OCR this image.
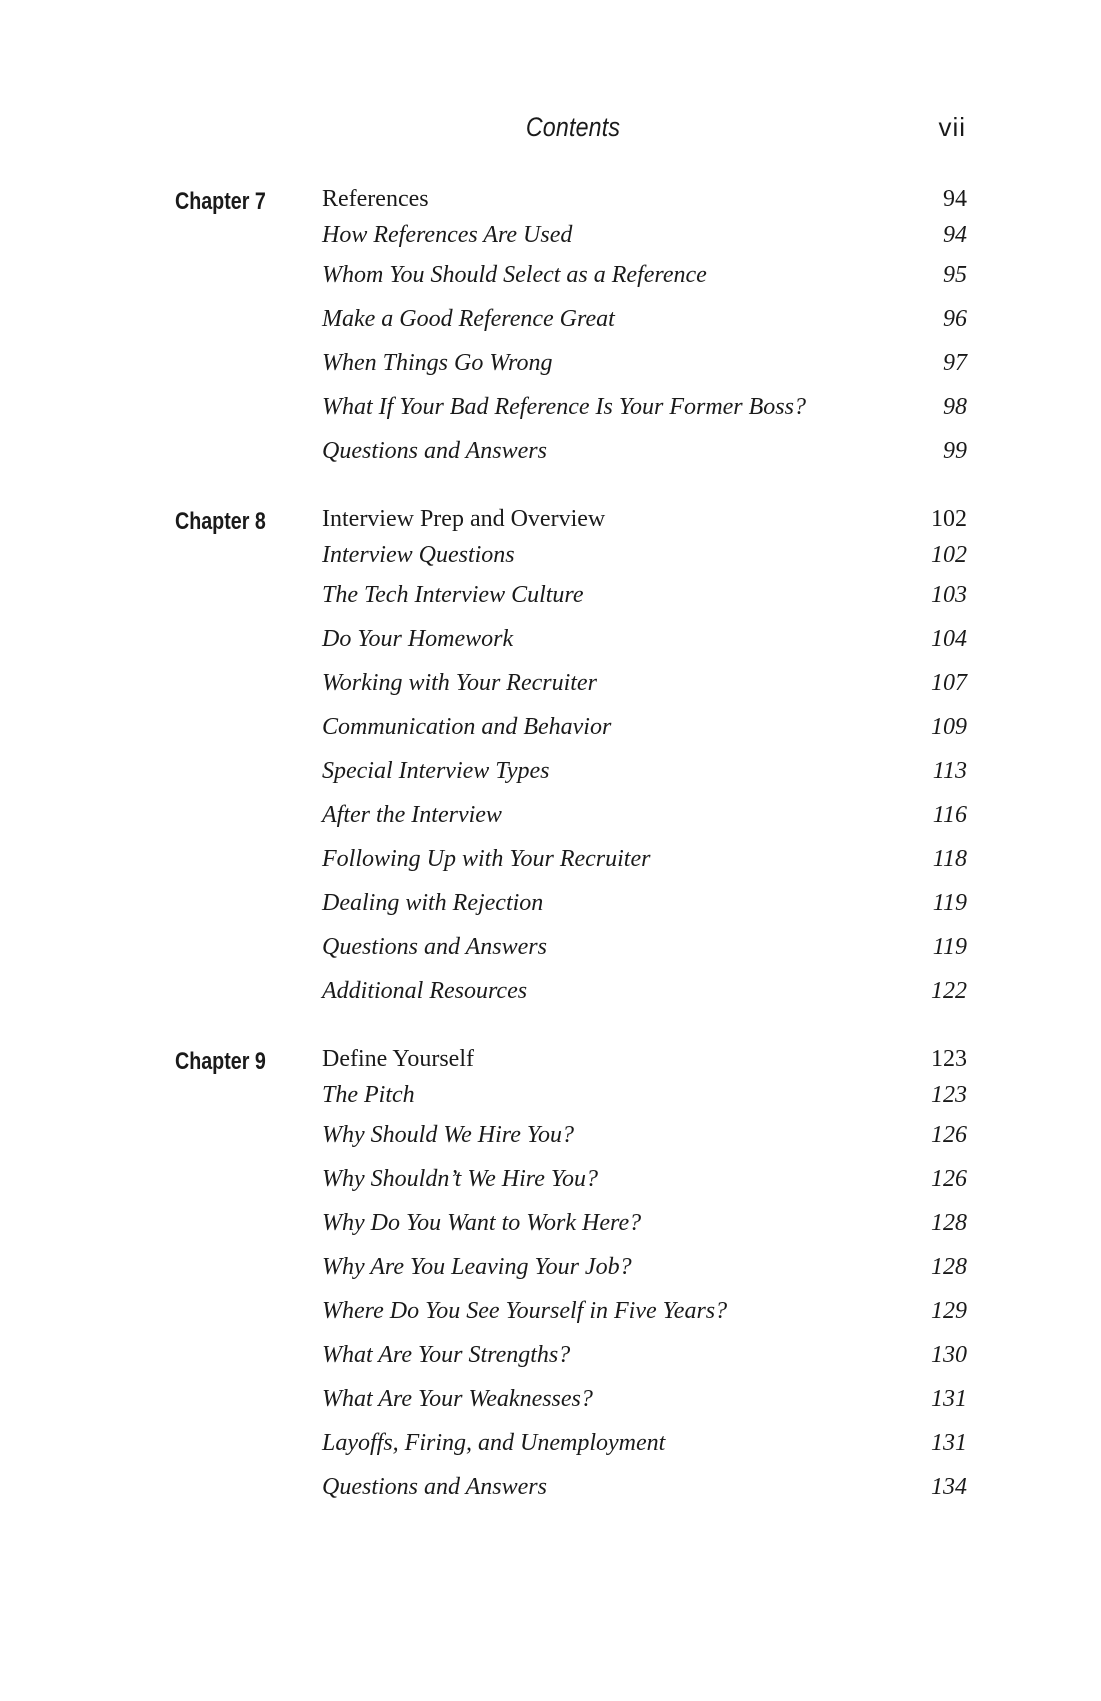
Contents	vii
Chapter 7 References	94
How References Are Used	94
Whom You Should Select as a Reference	95
Make a Good Reference Great	96
When Things Go Wrong	97
What If Your Bad Reference Is Your Former Boss?	98
Questions and Answers	99
Chapter 8 Interview Prep and Overview	102
Interview Questions	102
The Tech Interview Culture	103
Do Your Homework	104
Working with Your Recruiter	107
Communication and Behavior	109
Special Interview Types	113
After the Interview	116
Following Up with Your Recruiter	118
Dealing with Rejection	119
Questions and Answers	119
Additional Resources	122
Chapter 9 Define Yourself	123
The Pitch	123
Why Should We Hire You?	126
Why Shouldn’t We Hire You?	126
Why Do You Want to Work Here?	128
Why Are You Leaving Your Job?	128
Where Do You See Yourself in Five Years?	129
What Are Your Strengths?	130
What Are Your Weaknesses?	131
Layoffs, Firing, and Unemployment	131
Questions and Answers	134
